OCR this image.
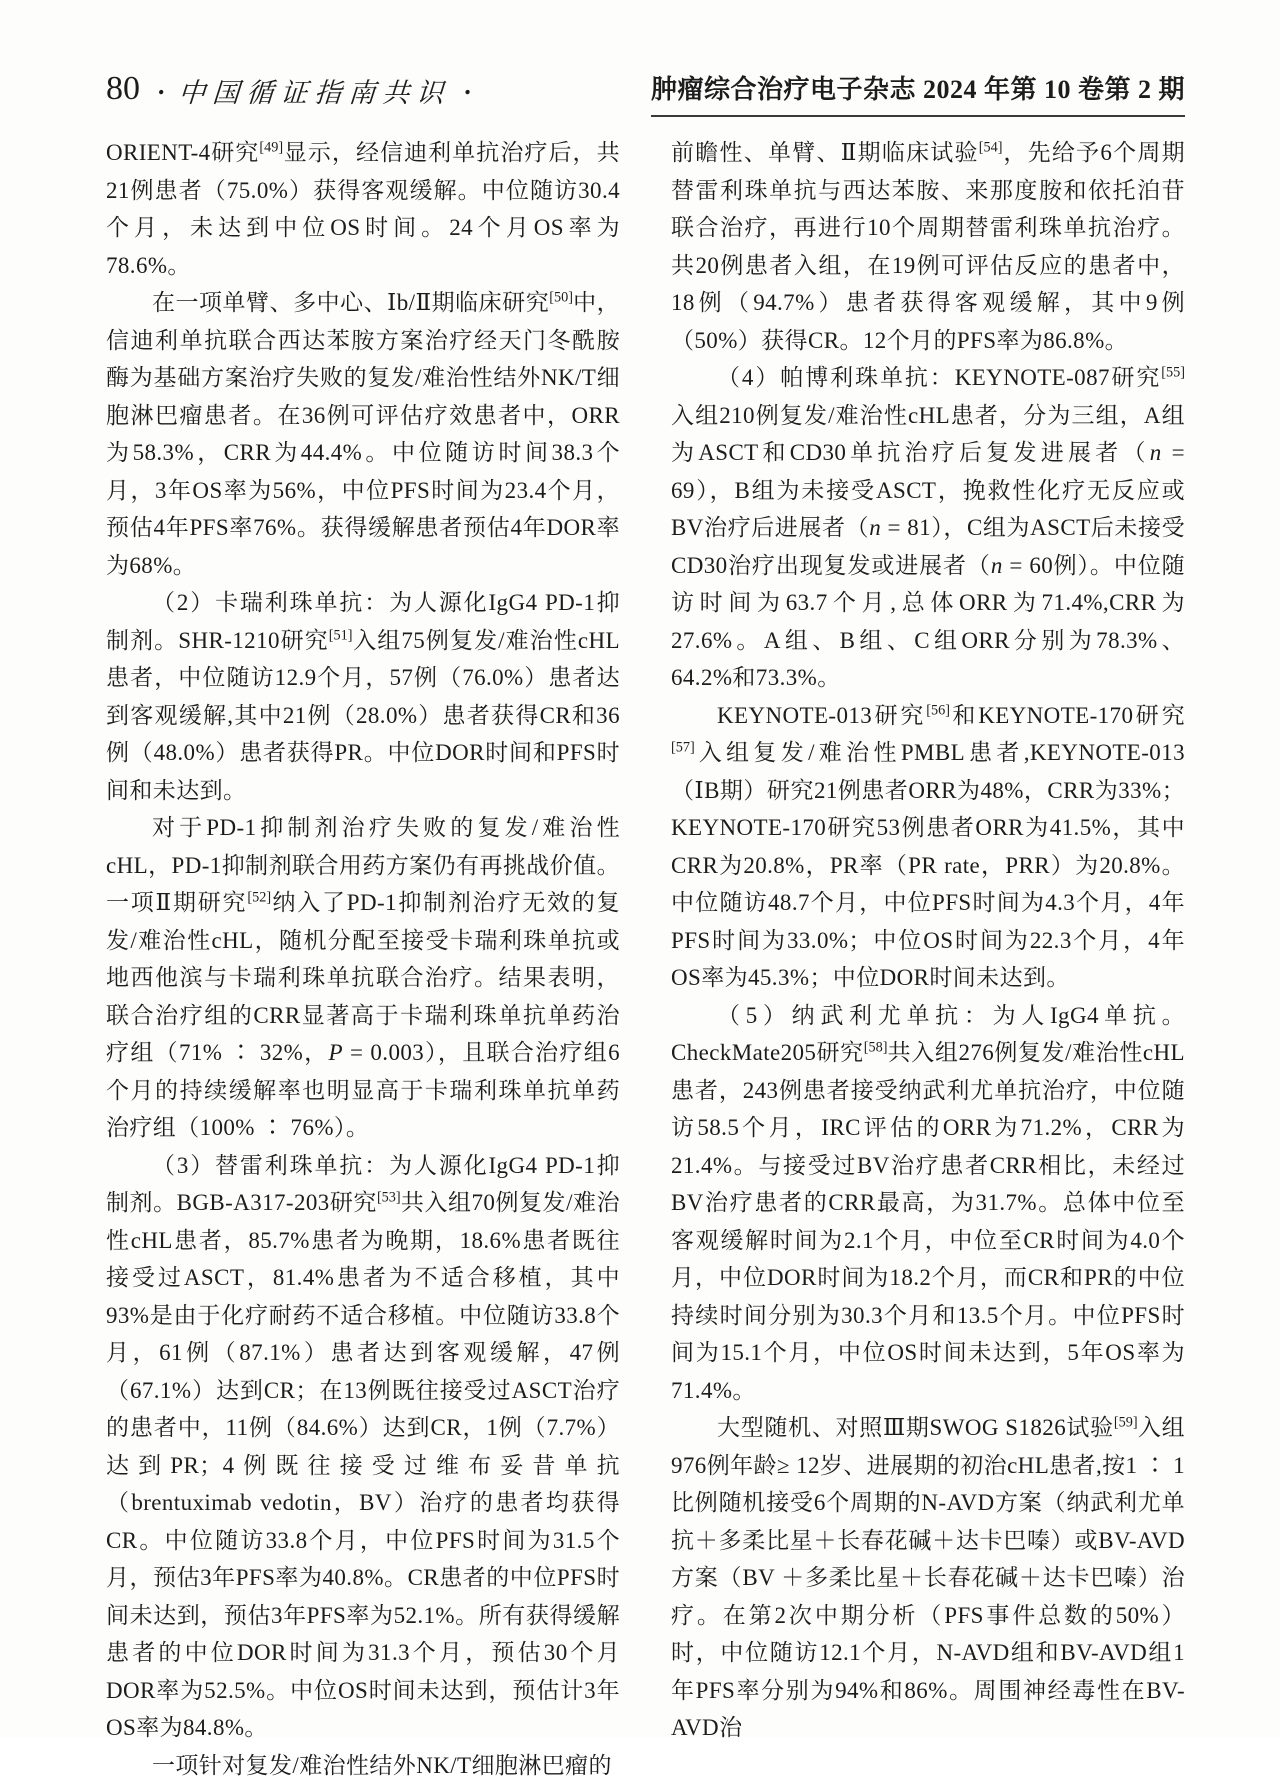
80 • 中国循证指南共识 •	肿瘤综合治疗电子杂志 2024 年第 10 卷第 2 期

ORIENT-4研究[49]显示，经信迪利单抗治疗后，共21例患者（75.0%）获得客观缓解。中位随访30.4个月，未达到中位OS时间。24个月OS率为78.6%。

在一项单臂、多中心、Ⅰb/Ⅱ期临床研究[50]中，信迪利单抗联合西达苯胺方案治疗经天门冬酰胺酶为基础方案治疗失败的复发/难治性结外NK/T细胞淋巴瘤患者。在36例可评估疗效患者中，ORR为58.3%，CRR为44.4%。中位随访时间38.3个月，3年OS率为56%，中位PFS时间为23.4个月，预估4年PFS率76%。获得缓解患者预估4年DOR率为68%。

（2）卡瑞利珠单抗：为人源化IgG4 PD-1抑制剂。SHR-1210研究[51]入组75例复发/难治性cHL患者，中位随访12.9个月，57例（76.0%）患者达到客观缓解,其中21例（28.0%）患者获得CR和36例（48.0%）患者获得PR。中位DOR时间和PFS时间和未达到。

对于PD-1抑制剂治疗失败的复发/难治性cHL，PD-1抑制剂联合用药方案仍有再挑战价值。一项Ⅱ期研究[52]纳入了PD-1抑制剂治疗无效的复发/难治性cHL，随机分配至接受卡瑞利珠单抗或地西他滨与卡瑞利珠单抗联合治疗。结果表明，联合治疗组的CRR显著高于卡瑞利珠单抗单药治疗组（71% ∶ 32%，P = 0.003），且联合治疗组6个月的持续缓解率也明显高于卡瑞利珠单抗单药治疗组（100% ∶ 76%）。

（3）替雷利珠单抗：为人源化IgG4 PD-1抑制剂。BGB-A317-203研究[53]共入组70例复发/难治性cHL患者，85.7%患者为晚期，18.6%患者既往接受过ASCT，81.4%患者为不适合移植，其中93%是由于化疗耐药不适合移植。中位随访33.8个月，61例（87.1%）患者达到客观缓解，47例（67.1%）达到CR；在13例既往接受过ASCT治疗的患者中，11例（84.6%）达到CR，1例（7.7%）达到PR；4例既往接受过维布妥昔单抗（brentuximab vedotin，BV）治疗的患者均获得CR。中位随访33.8个月，中位PFS时间为31.5个月，预估3年PFS率为40.8%。CR患者的中位PFS时间未达到，预估3年PFS率为52.1%。所有获得缓解患者的中位DOR时间为31.3个月，预估30个月DOR率为52.5%。中位OS时间未达到，预估计3年OS率为84.8%。

一项针对复发/难治性结外NK/T细胞淋巴瘤的

前瞻性、单臂、Ⅱ期临床试验[54]，先给予6个周期替雷利珠单抗与西达苯胺、来那度胺和依托泊苷联合治疗，再进行10个周期替雷利珠单抗治疗。共20例患者入组，在19例可评估反应的患者中，18例（94.7%）患者获得客观缓解，其中9例（50%）获得CR。12个月的PFS率为86.8%。

（4）帕博利珠单抗：KEYNOTE-087研究[55]入组210例复发/难治性cHL患者，分为三组，A组为ASCT和CD30单抗治疗后复发进展者（n = 69），B组为未接受ASCT，挽救性化疗无反应或BV治疗后进展者（n = 81），C组为ASCT后未接受CD30治疗出现复发或进展者（n = 60例）。中位随访时间为63.7个月,总体ORR为71.4%,CRR为27.6%。A组、B组、C组ORR分别为78.3%、64.2%和73.3%。

KEYNOTE-013研究[56]和KEYNOTE-170研究[57]入组复发/难治性PMBL患者,KEYNOTE-013（ⅠB期）研究21例患者ORR为48%，CRR为33%；KEYNOTE-170研究53例患者ORR为41.5%，其中CRR为20.8%，PR率（PR rate，PRR）为20.8%。中位随访48.7个月，中位PFS时间为4.3个月，4年PFS时间为33.0%；中位OS时间为22.3个月，4年OS率为45.3%；中位DOR时间未达到。

（5）纳武利尤单抗：为人IgG4单抗。CheckMate205研究[58]共入组276例复发/难治性cHL患者，243例患者接受纳武利尤单抗治疗，中位随访58.5个月，IRC评估的ORR为71.2%，CRR为21.4%。与接受过BV治疗患者CRR相比，未经过BV治疗患者的CRR最高，为31.7%。总体中位至客观缓解时间为2.1个月，中位至CR时间为4.0个月，中位DOR时间为18.2个月，而CR和PR的中位持续时间分别为30.3个月和13.5个月。中位PFS时间为15.1个月，中位OS时间未达到，5年OS率为71.4%。

大型随机、对照Ⅲ期SWOG S1826试验[59]入组976例年龄≥ 12岁、进展期的初治cHL患者,按1 ∶ 1比例随机接受6个周期的N-AVD方案（纳武利尤单抗＋多柔比星＋长春花碱＋达卡巴嗪）或BV-AVD方案（BV ＋多柔比星＋长春花碱＋达卡巴嗪）治疗。在第2次中期分析（PFS事件总数的50%）时，中位随访12.1个月，N-AVD组和BV-AVD组1年PFS率分别为94%和86%。周围神经毒性在BV-AVD治
